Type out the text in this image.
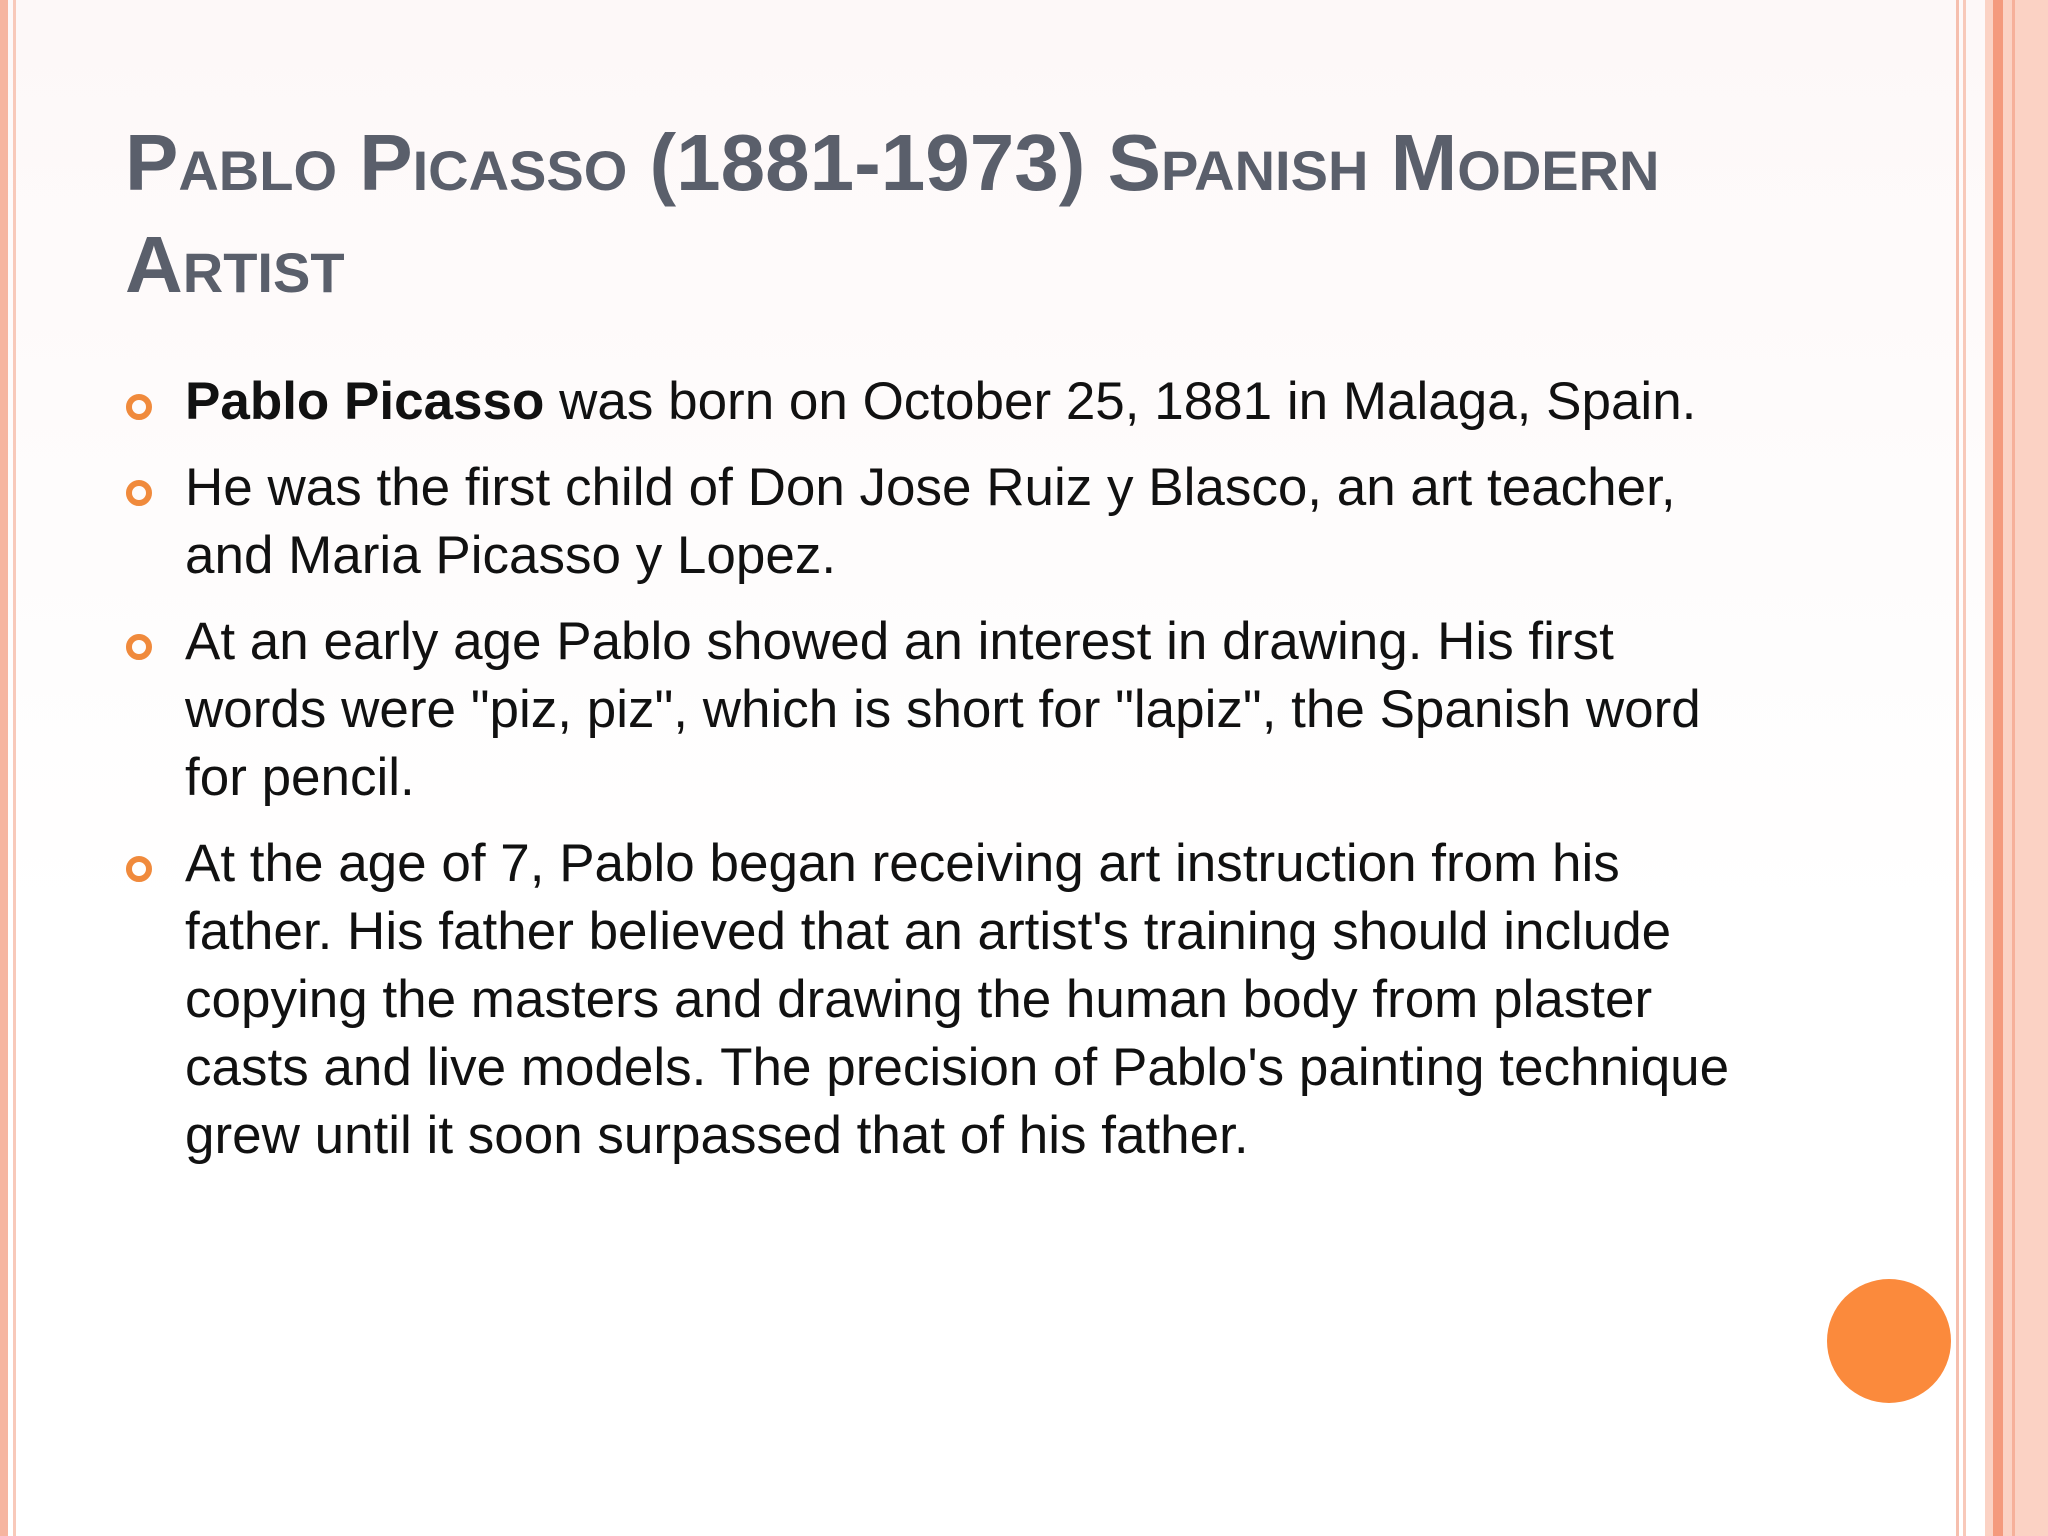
Pablo Picasso (1881-1973) Spanish Modern Artist
Pablo Picasso was born on October 25, 1881 in Malaga, Spain.
He was the first child of Don Jose Ruiz y Blasco, an art teacher, and Maria Picasso y Lopez.
At an early age Pablo showed an interest in drawing. His first words were "piz, piz", which is short for "lapiz", the Spanish word for pencil.
At the age of 7, Pablo began receiving art instruction from his father. His father believed that an artist's training should include copying the masters and drawing the human body from plaster casts and live models. The precision of Pablo's painting technique grew until it soon surpassed that of his father.
